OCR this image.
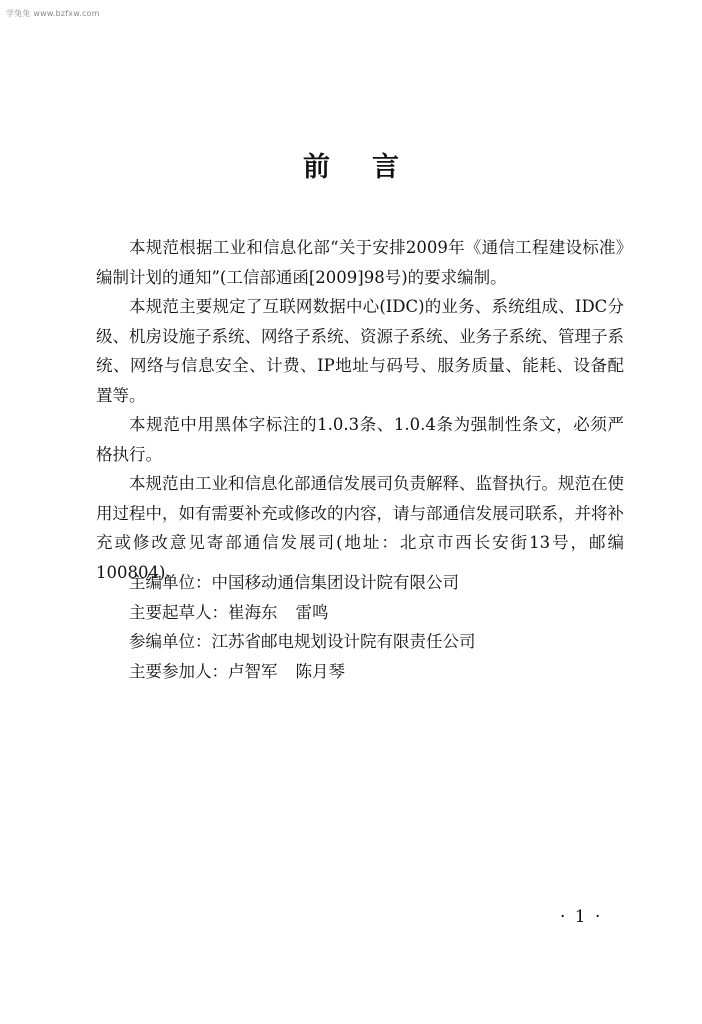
学兔兔 www.bzfxw.com
前言

本规范根据工业和信息化部“关于安排2009年《通信工程建设标准》编制计划的通知”(工信部通函[2009]98号)的要求编制。

本规范主要规定了互联网数据中心(IDC)的业务、系统组成、IDC分级、机房设施子系统、网络子系统、资源子系统、业务子系统、管理子系统、网络与信息安全、计费、IP地址与码号、服务质量、能耗、设备配置等。

本规范中用黑体字标注的1.0.3条、1.0.4条为强制性条文，必须严格执行。

本规范由工业和信息化部通信发展司负责解释、监督执行。规范在使用过程中，如有需要补充或修改的内容，请与部通信发展司联系，并将补充或修改意见寄部通信发展司(地址：北京市西长安街13号，邮编100804)。

主编单位：中国移动通信集团设计院有限公司
主要起草人：崔海东 雷鸣
参编单位：江苏省邮电规划设计院有限责任公司
主要参加人：卢智军 陈月琴
· 1 ·
